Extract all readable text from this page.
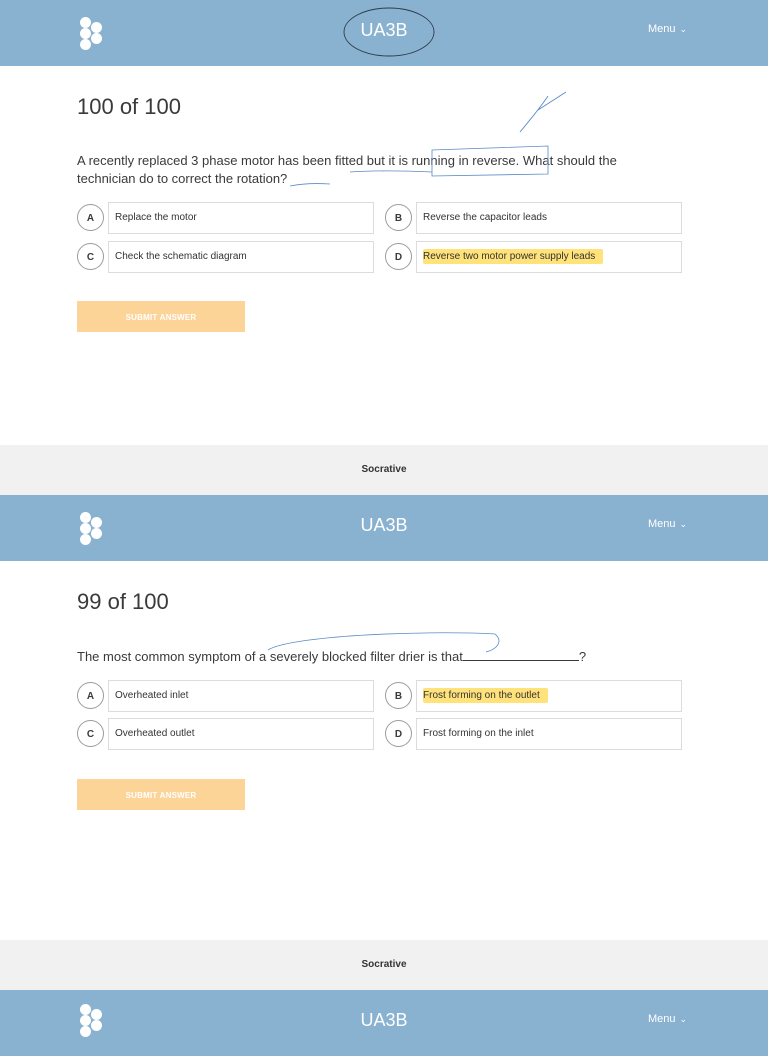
UA3B	Menu ⌄
100 of 100
A recently replaced 3 phase motor has been fitted but it is running in reverse. What should the technician do to correct the rotation?
A	Replace the motor	B	Reverse the capacitor leads
C	Check the schematic diagram	D	Reverse two motor power supply leads
SUBMIT ANSWER
Socrative
UA3B	Menu ⌄
99 of 100
The most common symptom of a severely blocked filter drier is that	?
A	Overheated inlet	B	Frost forming on the outlet
C	Overheated outlet	D	Frost forming on the inlet
SUBMIT ANSWER
Socrative
UA3B	Menu ⌄
